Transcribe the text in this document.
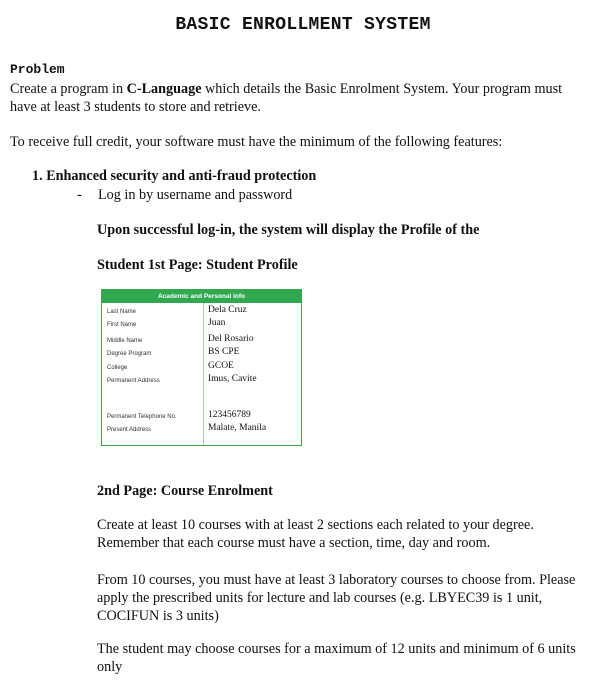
BASIC ENROLLMENT SYSTEM
Problem
Create a program in C-Language which details the Basic Enrolment System. Your program must have at least 3 students to store and retrieve.
To receive full credit, your software must have the minimum of the following features:
1. Enhanced security and anti-fraud protection
- Log in by username and password
Upon successful log-in, the system will display the Profile of the
Student 1st Page: Student Profile
Academic and Personal Info
Last Name	Dela Cruz
First Name	Juan
Middle Name	Del Rosario
Degree Program	BS CPE
College	GCOE
Permanent Address	Imus, Cavite
Permanent Telephone No.	123456789
Present Address	Malate, Manila
2nd Page: Course Enrolment
Create at least 10 courses with at least 2 sections each related to your degree. Remember that each course must have a section, time, day and room.
From 10 courses, you must have at least 3 laboratory courses to choose from. Please apply the prescribed units for lecture and lab courses (e.g. LBYEC39 is 1 unit, COCIFUN is 3 units)
The student may choose courses for a maximum of 12 units and minimum of 6 units only
